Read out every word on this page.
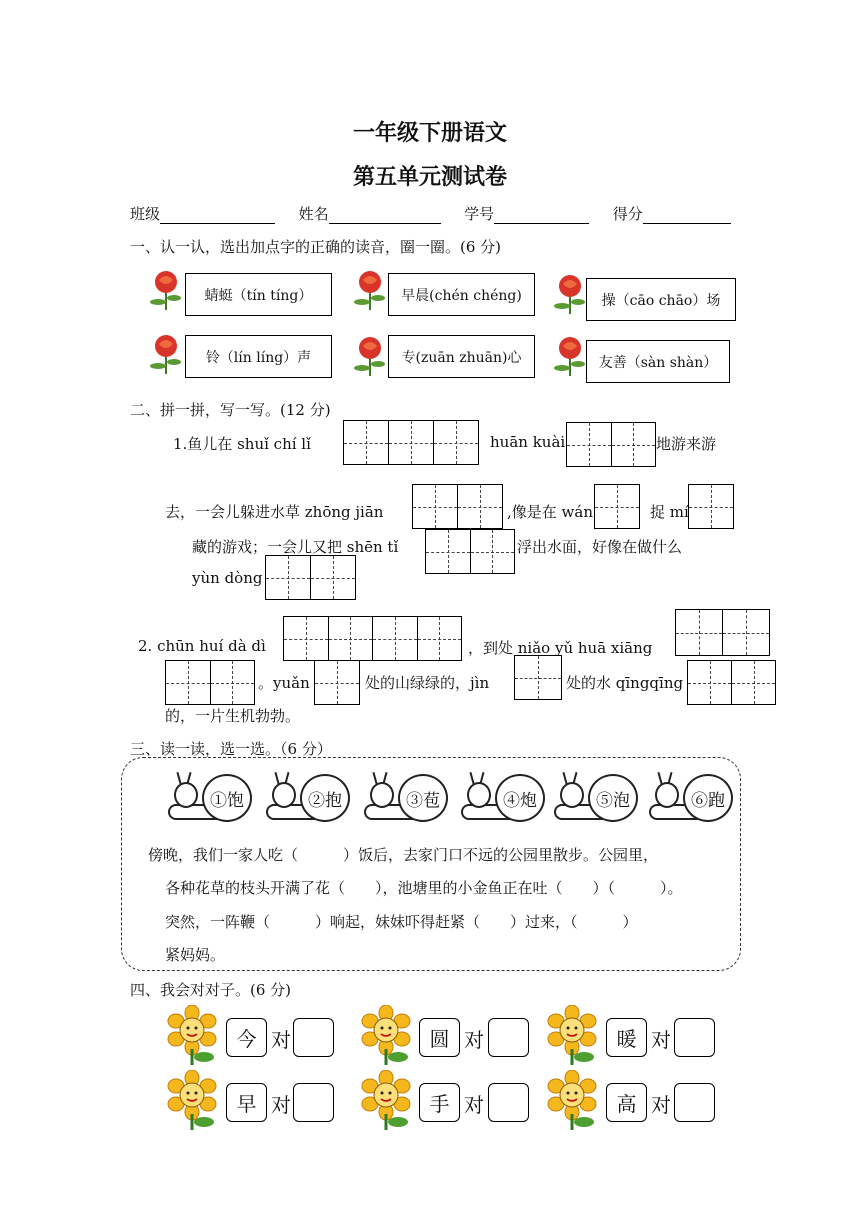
一年级下册语文
第五单元测试卷
班级	姓名	学号	得分
一、认一认，选出加点字的正确的读音，圈一圈。(6 分)
蜻蜓（tín tíng）	早晨(chén chéng)	操（cāo chāo）场
铃（lín líng）声	专(zuān zhuān)心	友善（sàn shàn）
二、拼一拼，写一写。(12 分)
1.鱼儿在 shuǐ chí lǐ	huān kuài	地游来游
去，一会儿躲进水草 zhōng jiān	,像是在 wán	捉 mí
藏的游戏；一会儿又把 shēn tǐ	浮出水面，好像在做什么
yùn dòng
2. chūn huí dà dì	，到处 niǎo yǔ huā xiāng
。yuǎn	处的山绿绿的，jìn	处的水 qīngqīng
的，一片生机勃勃。
三、读一读，选一选。（6 分）
①饱	②抱	③苞	④炮	⑤泡	⑥跑
傍晚，我们一家人吃（　　　）饭后，去家门口不远的公园里散步。公园里，
各种花草的枝头开满了花（　　），池塘里的小金鱼正在吐（　　）（　　　）。
突然，一阵鞭（　　　）响起，妹妹吓得赶紧（　　）过来，（　　　）
紧妈妈。
四、我会对对子。(6 分)
今 对	圆 对	暖 对
早 对	手 对	高 对
